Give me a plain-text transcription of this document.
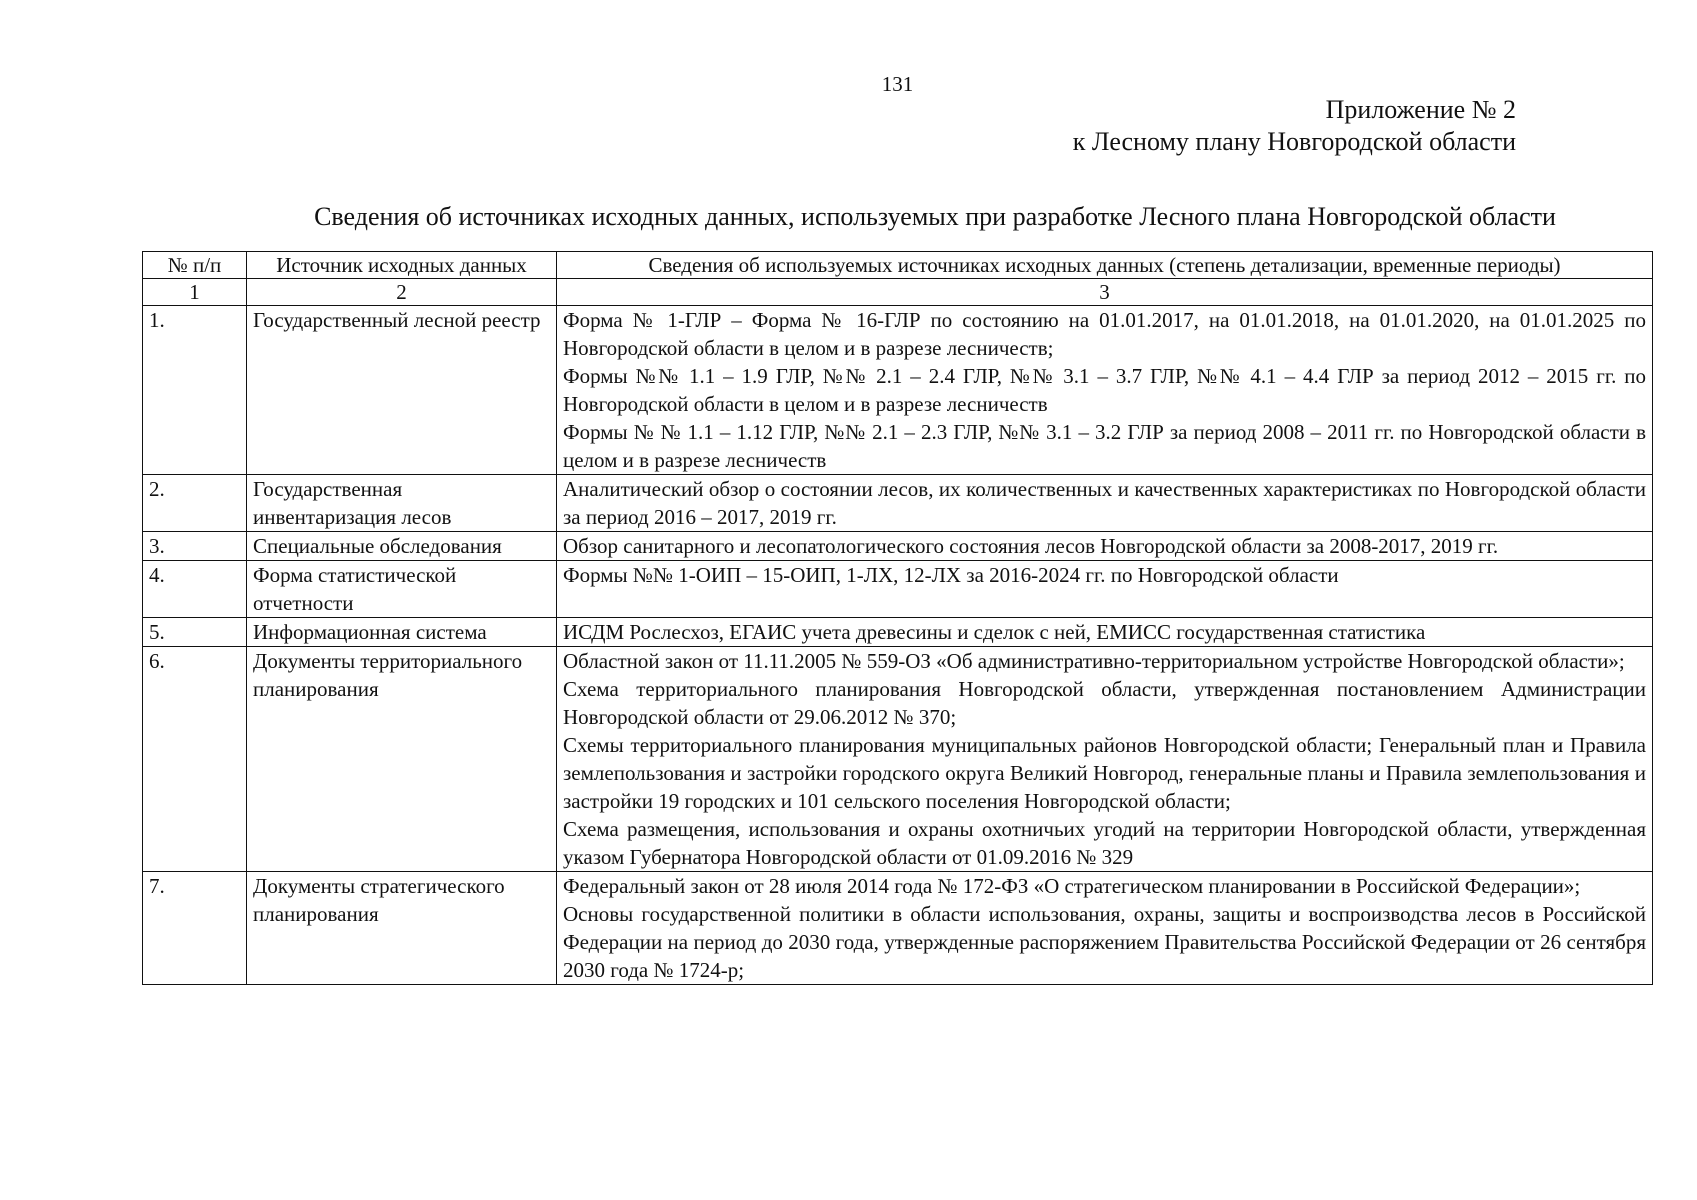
131
Приложение № 2
к Лесному плану Новгородской области
Сведения об источниках исходных данных, используемых при разработке Лесного плана Новгородской области
№ п/п	Источник исходных данных	Сведения об используемых источниках исходных данных (степень детализации, временные периоды)
1	2	3
1.	Государственный лесной реестр	Форма № 1-ГЛР – Форма № 16-ГЛР по состоянию на 01.01.2017, на 01.01.2018, на 01.01.2020, на 01.01.2025 по Новгородской области в целом и в разрезе лесничеств;
Формы №№ 1.1 – 1.9 ГЛР, №№ 2.1 – 2.4 ГЛР, №№ 3.1 – 3.7 ГЛР, №№ 4.1 – 4.4 ГЛР за период 2012 – 2015 гг. по Новгородской области в целом и в разрезе лесничеств
Формы № № 1.1 – 1.12 ГЛР, №№ 2.1 – 2.3 ГЛР, №№ 3.1 – 3.2 ГЛР за период 2008 – 2011 гг. по Новгородской области в целом и в разрезе лесничеств

2.	Государственная инвентаризация лесов	Аналитический обзор о состоянии лесов, их количественных и качественных характеристиках по Новгородской области за период 2016 – 2017, 2019 гг.

3.	Специальные обследования	Обзор санитарного и лесопатологического состояния лесов Новгородской области за 2008-2017, 2019 гг.

4.	Форма статистической отчетности	Формы №№ 1-ОИП – 15-ОИП, 1-ЛХ, 12-ЛХ за 2016-2024 гг. по Новгородской области

5.	Информационная система	ИСДМ Рослесхоз, ЕГАИС учета древесины и сделок с ней, ЕМИСС государственная статистика

6.	Документы территориального планирования	Областной закон от 11.11.2005 № 559-ОЗ «Об административно-территориальном устройстве Новгородской области»;
Схема территориального планирования Новгородской области, утвержденная постановлением Администрации Новгородской области от 29.06.2012 № 370;
Схемы территориального планирования муниципальных районов Новгородской области; Генеральный план и Правила землепользования и застройки городского округа Великий Новгород, генеральные планы и Правила землепользования и застройки 19 городских и 101 сельского поселения Новгородской области;
Схема размещения, использования и охраны охотничьих угодий на территории Новгородской области, утвержденная указом Губернатора Новгородской области от 01.09.2016 № 329

7.	Документы стратегического планирования	Федеральный закон от 28 июля 2014 года № 172-ФЗ «О стратегическом планировании в Российской Федерации»;
Основы государственной политики в области использования, охраны, защиты и воспроизводства лесов в Российской Федерации на период до 2030 года, утвержденные распоряжением Правительства Российской Федерации от 26 сентября 2030 года № 1724-р;
